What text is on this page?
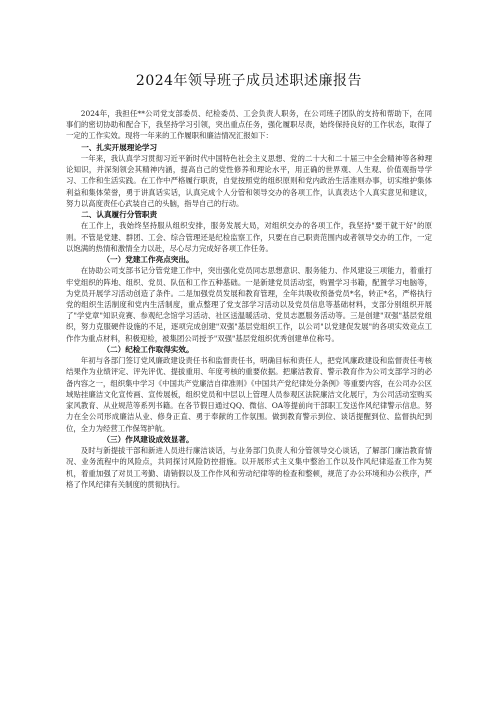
2024年领导班子成员述职述廉报告

2024年，我担任**公司党支部委员、纪检委员、工会负责人职务，在公司班子团队的支持和帮助下，在同事们的密切协助和配合下，我坚持学习引领，突出重点任务，强化履职尽责，始终保持良好的工作状态，取得了一定的工作实效。现将一年来的工作履职和廉洁情况汇报如下：

一、扎实开展理论学习

一年来，我认真学习贯彻习近平新时代中国特色社会主义思想、党的二十大和二十届三中全会精神等各种理论知识，并深刻领会其精神内涵，提高自己的党性修养和理论水平，用正确的世界观、人生观、价值观指导学习、工作和生活实践。在工作中严格履行职责，自觉按照党的组织原则和党内政治生活准则办事，切实维护集体利益和集体荣誉，勇于讲真话实话，认真完成个人分管和领导交办的各项工作，认真表达个人真实意见和建议，努力以高度责任心武装自己的头脑，指导自己的行动。

二、认真履行分管职责

在工作上，我始终坚持服从组织安排，服务发展大局，对组织交办的各项工作，我坚持"要干就干好"的原则。不管是党建、群团、工会、综合管理还是纪检监察工作，只要在自己职责范围内或者领导交办的工作，一定以饱满的热情和激情全力以赴，尽心尽力完成好各项工作任务。

（一）党建工作亮点突出。

在协助公司支部书记分管党建工作中，突出强化党员同志思想意识、服务能力、作风建设三项能力，着重打牢党组织的阵地、组织、党员、队伍和工作五种基础。一是新建党员活动室，购置学习书籍，配置学习电脑等，为党员开展学习活动创造了条件。二是加强党员发展和教育管理，全年共吸收预备党员*名，转正*名，严格执行党的组织生活制度和党内生活制度，重点整理了党支部学习活动以及党员信息等基础材料，支部分别组织开展了"学党章"知识竞赛、参观纪念馆学习活动、社区送温暖活动、党员志愿服务活动等。三是创建"双强"基层党组织，努力克服硬件设施的不足，逐项完成创建"双强"基层党组织工作，以公司"以党建促发展"的各项实效竞点工作作为重点材料，积极迎检，被集团公司授予"双强"基层党组织优秀创建单位称号。

（二）纪检工作取得实效。

年初与各部门签订党风廉政建设责任书和监督责任书，明确目标和责任人，把党风廉政建设和监督责任考核结果作为业绩评定、评先评优、提拔重用、年度考核的重要依据。把廉洁教育、警示教育作为公司支部学习的必备内容之一，组织集中学习《中国共产党廉洁自律准则》《中国共产党纪律处分条例》等重要内容，在公司办公区域贴挂廉洁文化宣传画、宣传展板，组织党员和中层以上管理人员参观区法院廉洁文化展厅，为公司活动室购买家风教育、从业规范等系列书籍。在各节假日通过QQ、微信、OA等提前向干部职工发送作风纪律警示信息。努力在全公司形成廉洁从业、修身正直、勇于奉献的工作氛围。做到教育警示到位、谈话提醒到位、监督执纪到位，全力为经营工作保驾护航。

（三）作风建设成效显著。

及时与新提拔干部和新进人员进行廉洁谈话，与业务部门负责人和分管领导交心谈话，了解部门廉洁教育情况、业务流程中的风险点，共同探讨风险防控措施。以开展形式主义集中整治工作以及作风纪律巡查工作为契机，着重加强了对员工考勤、请销假以及工作作风和劳动纪律等的检查和整顿，规范了办公环境和办公秩序，严格了作风纪律有关制度的贯彻执行。
